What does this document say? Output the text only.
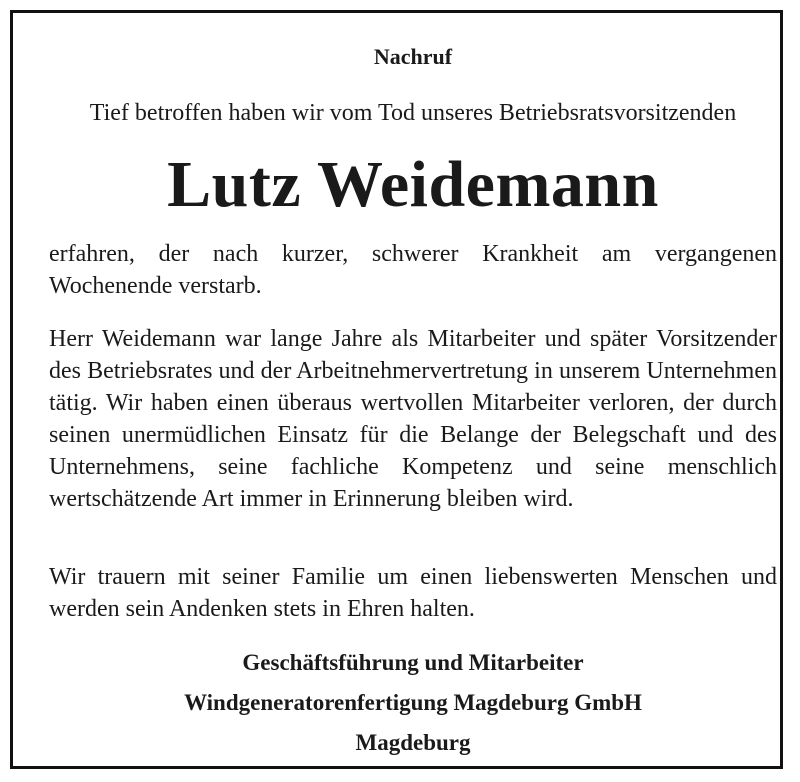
Nachruf
Tief betroffen haben wir vom Tod unseres Betriebsratsvorsitzenden
Lutz Weidemann

erfahren, der nach kurzer, schwerer Krankheit am vergangenen Wochenende verstarb.

Herr Weidemann war lange Jahre als Mitarbeiter und später Vorsitzender des Betriebsrates und der Arbeitnehmervertretung in unserem Unternehmen tätig. Wir haben einen überaus wertvollen Mitarbeiter verloren, der durch seinen unermüdlichen Einsatz für die Belange der Belegschaft und des Unternehmens, seine fachliche Kompetenz und seine menschlich wertschätzende Art immer in Erinnerung bleiben wird.

Wir trauern mit seiner Familie um einen liebenswerten Menschen und werden sein Andenken stets in Ehren halten.

Geschäftsführung und Mitarbeiter
Windgeneratorenfertigung Magdeburg GmbH
Magdeburg
